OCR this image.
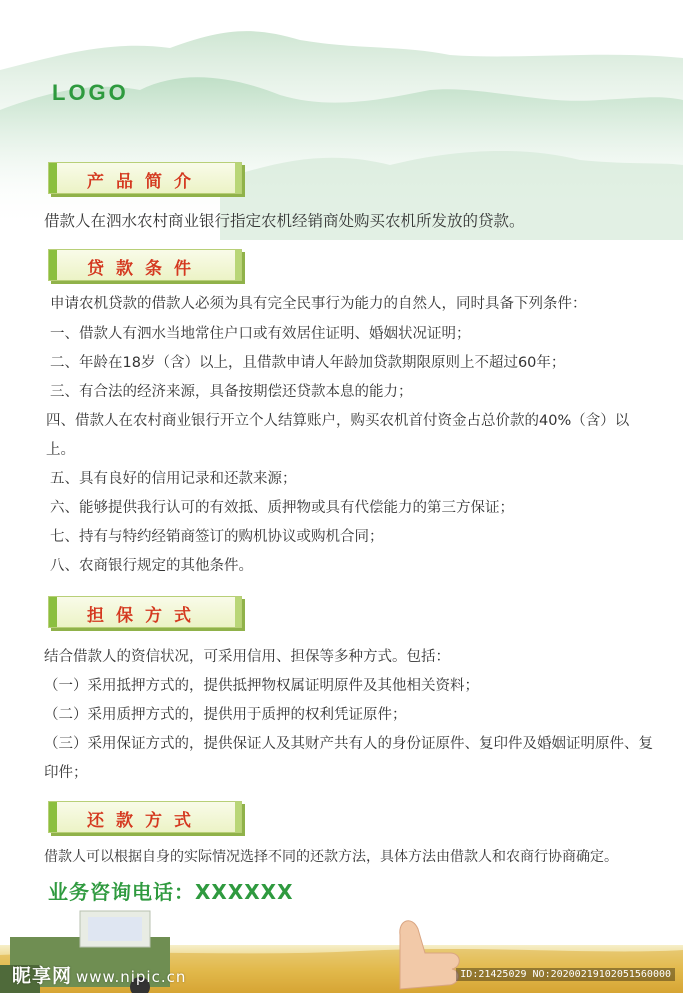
LOGO
产品简介
借款人在泗水农村商业银行指定农机经销商处购买农机所发放的贷款。
贷款条件
申请农机贷款的借款人必须为具有完全民事行为能力的自然人，同时具备下列条件：
一、借款人有泗水当地常住户口或有效居住证明、婚姻状况证明；
二、年龄在18岁（含）以上，且借款申请人年龄加贷款期限原则上不超过60年；
三、有合法的经济来源，具备按期偿还贷款本息的能力；
四、借款人在农村商业银行开立个人结算账户，购买农机首付资金占总价款的40%（含）以上。
五、具有良好的信用记录和还款来源；
六、能够提供我行认可的有效抵、质押物或具有代偿能力的第三方保证；
七、持有与特约经销商签订的购机协议或购机合同；
八、农商银行规定的其他条件。
担保方式
结合借款人的资信状况，可采用信用、担保等多种方式。包括：
（一）采用抵押方式的，提供抵押物权属证明原件及其他相关资料；
（二）采用质押方式的，提供用于质押的权利凭证原件；
（三）采用保证方式的，提供保证人及其财产共有人的身份证原件、复印件及婚姻证明原件、复印件；
还款方式
借款人可以根据自身的实际情况选择不同的还款方法，具体方法由借款人和农商行协商确定。
业务咨询电话：XXXXXX
昵享网 www.nipic.cn	ID:21425029 NO:20200219102051560000
